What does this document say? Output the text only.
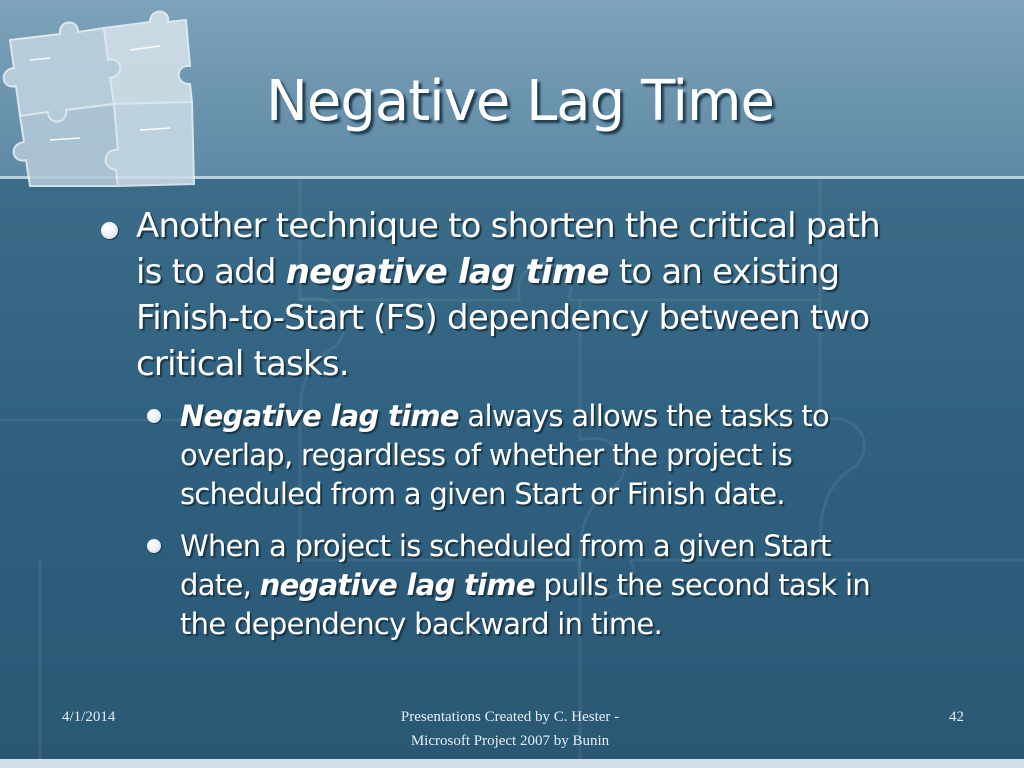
Negative Lag Time
Another technique to shorten the critical path is to add negative lag time to an existing Finish-to-Start (FS) dependency between two critical tasks.
Negative lag time always allows the tasks to overlap, regardless of whether the project is scheduled from a given Start or Finish date.
When a project is scheduled from a given Start date, negative lag time pulls the second task in the dependency backward in time.
4/1/2014	Presentations Created by C. Hester -
Microsoft Project 2007 by Bunin
42
